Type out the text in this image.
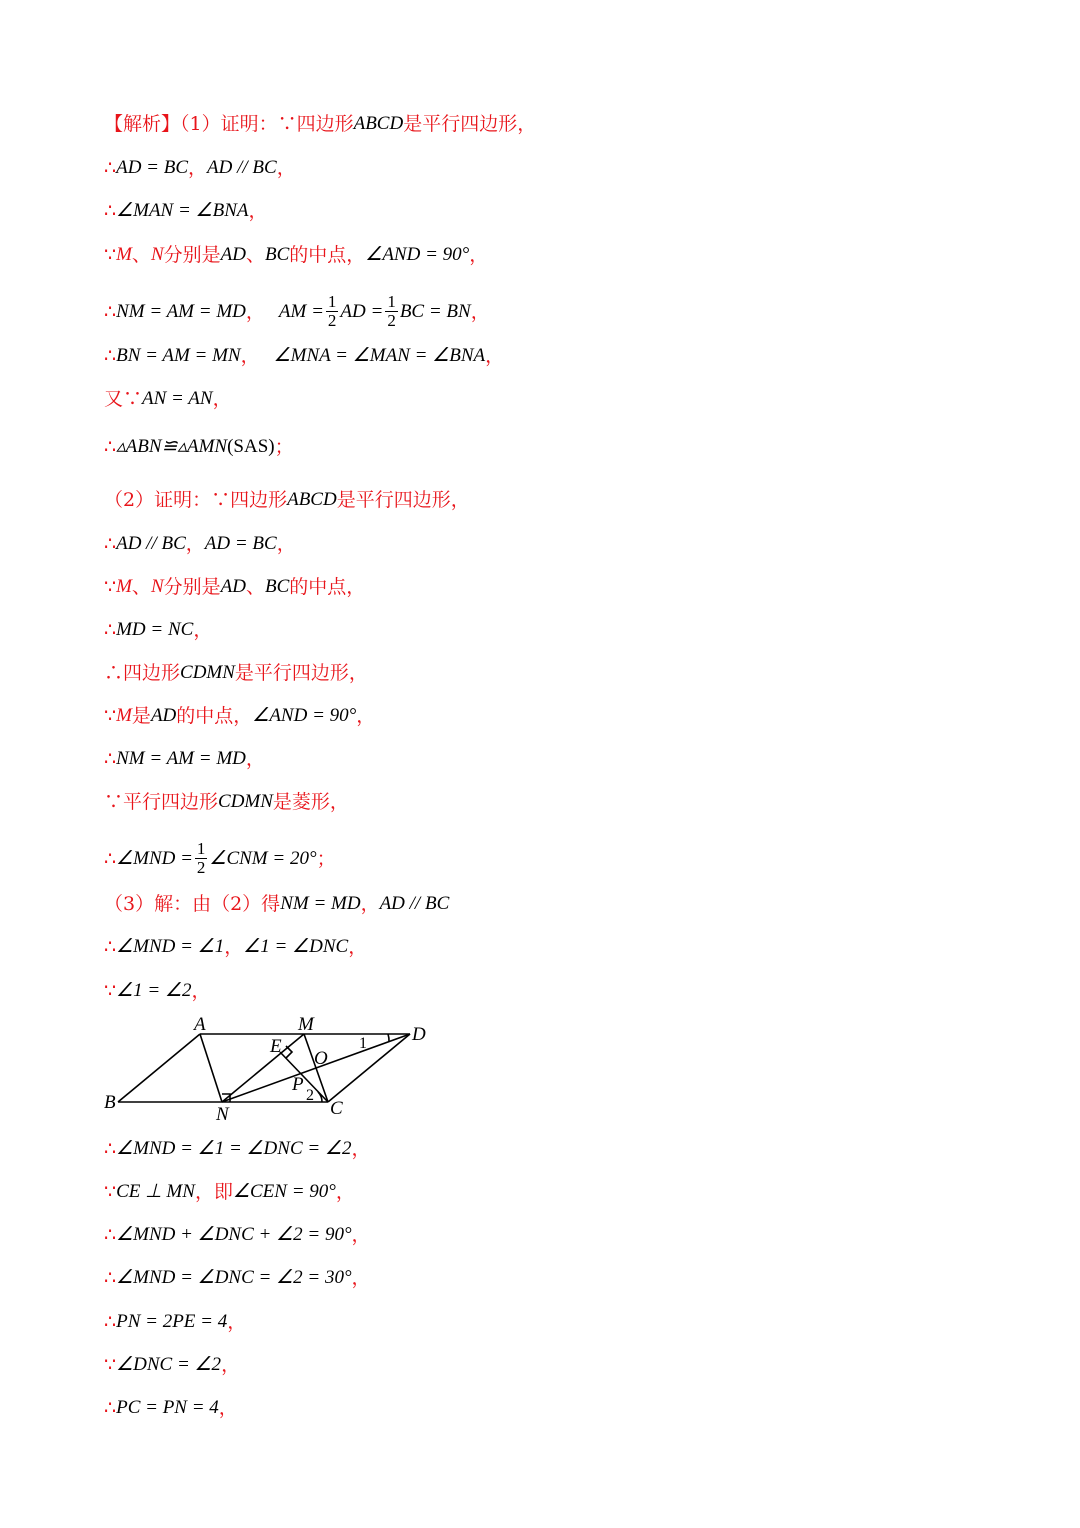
【解析】（1）证明：∵四边形 ABCD 是平行四边形，
∴ AD = BC ， AD // BC ，
∴ ∠MAN = ∠BNA ，
∵ M 、 N 分别是 AD 、 BC 的中点， ∠AND = 90° ，
∴ NM = AM = MD ， AM = $\frac{1}{2}$ AD = $\frac{1}{2}$ BC = BN ，
∴ BN = AM = MN ， ∠MNA = ∠MAN = ∠BNA ，
又∵ AN = AN ，
∴ ▵ABN≌▵AMN (SAS) ；
（2）证明：∵四边形 ABCD 是平行四边形，
∴ AD // BC ， AD = BC ，
∵ M 、 N 分别是 AD 、 BC 的中点，
∴ MD = NC ，
∴四边形 CDMN 是平行四边形，
∵ M 是 AD 的中点， ∠AND = 90° ，
∴ NM = AM = MD ，
∵平行四边形 CDMN 是菱形，
∴ ∠MND = $\frac{1}{2}$ ∠CNM = 20° ；
（3）解：由（2）得 NM = MD ， AD // BC
∴ ∠MND = ∠1 ， ∠1 = ∠DNC ，
∵ ∠1 = ∠2 ，
A	M	D
E
O
P
B
N	C
1
2
∴ ∠MND = ∠1 = ∠DNC = ∠2 ，
∵ CE ⊥ MN ，即 ∠CEN = 90° ，
∴ ∠MND + ∠DNC + ∠2 = 90° ，
∴ ∠MND = ∠DNC = ∠2 = 30° ，
∴ PN = 2PE = 4 ，
∵ ∠DNC = ∠2 ，
∴ PC = PN = 4 ，
